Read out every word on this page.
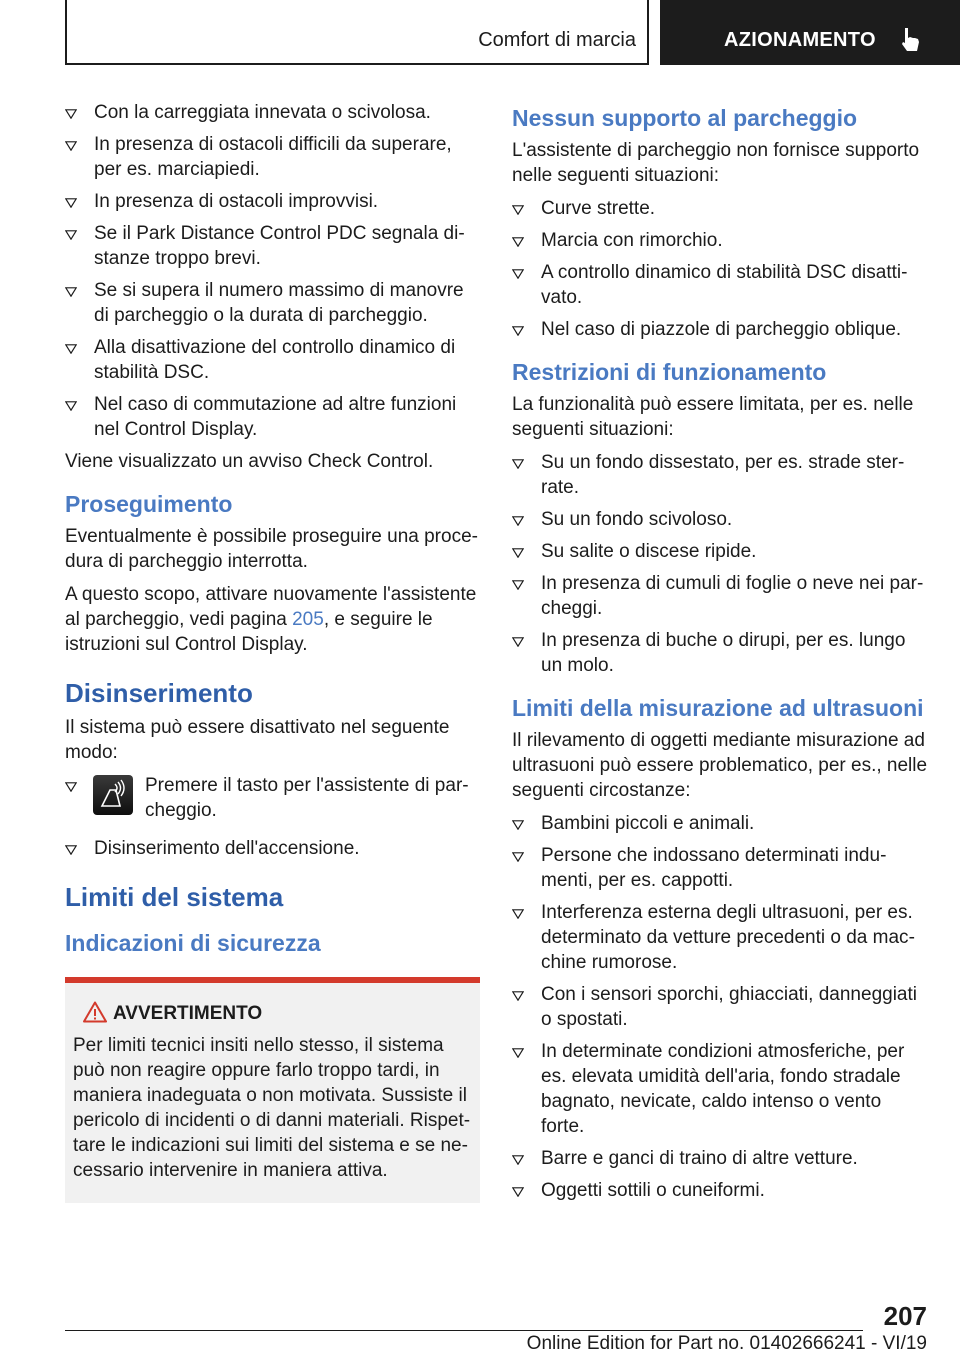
Comfort di marcia	AZIONAMENTO
Con la carreggiata innevata o scivolosa.
In presenza di ostacoli difficili da superare, per es. marciapiedi.
In presenza di ostacoli improvvisi.
Se il Park Distance Control PDC segnala distanze troppo brevi.
Se si supera il numero massimo di manovre di parcheggio o la durata di parcheggio.
Alla disattivazione del controllo dinamico di stabilità DSC.
Nel caso di commutazione ad altre funzioni nel Control Display.

Viene visualizzato un avviso Check Control.

Proseguimento

Eventualmente è possibile proseguire una procedura di parcheggio interrotta.

A questo scopo, attivare nuovamente l'assistente al parcheggio, vedi pagina 205, e seguire le istruzioni sul Control Display.

Disinserimento

Il sistema può essere disattivato nel seguente modo:

Premere il tasto per l'assistente di parcheggio.
Disinserimento dell'accensione.
Limiti del sistema
Indicazioni di sicurezza
AVVERTIMENTO

Per limiti tecnici insiti nello stesso, il sistema può non reagire oppure farlo troppo tardi, in maniera inadeguata o non motivata. Sussiste il pericolo di incidenti o di danni materiali. Rispettare le indicazioni sui limiti del sistema e se necessario intervenire in maniera attiva.

Nessun supporto al parcheggio

L'assistente di parcheggio non fornisce supporto nelle seguenti situazioni:

Curve strette.
Marcia con rimorchio.
A controllo dinamico di stabilità DSC disattivato.
Nel caso di piazzole di parcheggio oblique.
Restrizioni di funzionamento

La funzionalità può essere limitata, per es. nelle seguenti situazioni:

Su un fondo dissestato, per es. strade sterrate.
Su un fondo scivoloso.
Su salite o discese ripide.
In presenza di cumuli di foglie o neve nei parcheggi.
In presenza di buche o dirupi, per es. lungo un molo.
Limiti della misurazione ad ultrasuoni

Il rilevamento di oggetti mediante misurazione ad ultrasuoni può essere problematico, per es., nelle seguenti circostanze:

Bambini piccoli e animali.
Persone che indossano determinati indumenti, per es. cappotti.
Interferenza esterna degli ultrasuoni, per es. determinato da vetture precedenti o da macchine rumorose.
Con i sensori sporchi, ghiacciati, danneggiati o spostati.
In determinate condizioni atmosferiche, per es. elevata umidità dell'aria, fondo stradale bagnato, nevicate, caldo intenso o vento forte.
Barre e ganci di traino di altre vetture.
Oggetti sottili o cuneiformi.
207
Online Edition for Part no. 01402666241 - VI/19
